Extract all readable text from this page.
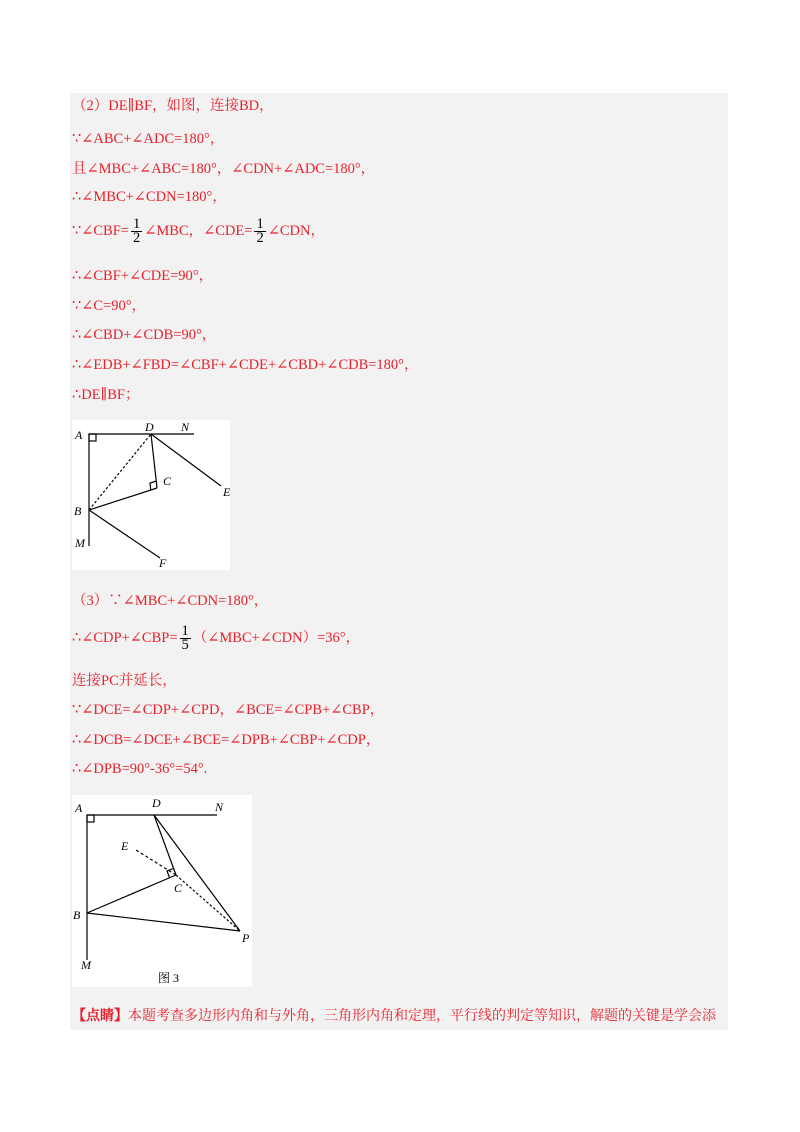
（2）DE∥BF，如图，连接BD，
∵∠ABC+∠ADC=180°，
且∠MBC+∠ABC=180°，∠CDN+∠ADC=180°，
∴∠MBC+∠CDN=180°，
∵∠CBF= $\frac{1}{2}$ ∠MBC，∠CDE= $\frac{1}{2}$ ∠CDN，
∴∠CBF+∠CDE=90°，
∵∠C=90°，
∴∠CBD+∠CDB=90°，
∴∠EDB+∠FBD=∠CBF+∠CDE+∠CBD+∠CDB=180°，
∴DE∥BF；
A
D N
C
E
B
M
F
（3）∵∠MBC+∠CDN=180°，
∴∠CDP+∠CBP= $\frac{1}{5}$ （∠MBC+∠CDN）=36°，
连接PC并延长，
∵∠DCE=∠CDP+∠CPD，∠BCE=∠CPB+∠CBP，
∴∠DCB=∠DCE+∠BCE=∠DPB+∠CBP+∠CDP，
∴∠DPB=90°-36°=54°.
A	D	N
E
C
B
P
M
图 3
【点睛】本题考查多边形内角和与外角，三角形内角和定理，平行线的判定等知识，解题的关键是学会添
